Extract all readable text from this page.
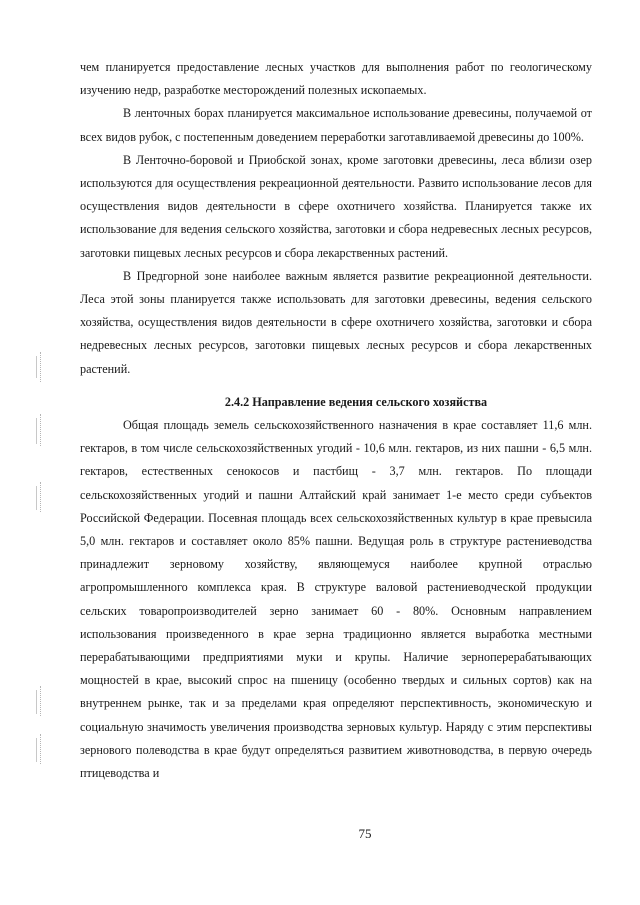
чем планируется предоставление лесных участков для выполнения работ по геологическому изучению недр, разработке месторождений полезных ископаемых.

В ленточных борах планируется максимальное использование древесины, получаемой от всех видов рубок, с постепенным доведением переработки заготавливаемой древесины до 100%.

В Ленточно-боровой и Приобской зонах, кроме заготовки древесины, леса вблизи озер используются для осуществления рекреационной деятельности. Развито использование лесов для осуществления видов деятельности в сфере охотничего хозяйства. Планируется также их использование для ведения сельского хозяйства, заготовки и сбора недревесных лесных ресурсов, заготовки пищевых лесных ресурсов и сбора лекарственных растений.

В Предгорной зоне наиболее важным является развитие рекреационной деятельности. Леса этой зоны планируется также использовать для заготовки древесины, ведения сельского хозяйства, осуществления видов деятельности в сфере охотничего хозяйства, заготовки и сбора недревесных лесных ресурсов, заготовки пищевых лесных ресурсов и сбора лекарственных растений.

2.4.2 Направление ведения сельского хозяйства

Общая площадь земель сельскохозяйственного назначения в крае составляет 11,6 млн. гектаров, в том числе сельскохозяйственных угодий - 10,6 млн. гектаров, из них пашни - 6,5 млн. гектаров, естественных сенокосов и пастбищ - 3,7 млн. гектаров. По площади сельскохозяйственных угодий и пашни Алтайский край занимает 1-е место среди субъектов Российской Федерации. Посевная площадь всех сельскохозяйственных культур в крае превысила 5,0 млн. гектаров и составляет около 85% пашни. Ведущая роль в структуре растениеводства принадлежит зерновому хозяйству, являющемуся наиболее крупной отраслью агропромышленного комплекса края. В структуре валовой растениеводческой продукции сельских товаропроизводителей зерно занимает 60 - 80%. Основным направлением использования произведенного в крае зерна традиционно является выработка местными перерабатывающими предприятиями муки и крупы. Наличие зерноперерабатывающих мощностей в крае, высокий спрос на пшеницу (особенно твердых и сильных сортов) как на внутреннем рынке, так и за пределами края определяют перспективность, экономическую и социальную значимость увеличения производства зерновых культур. Наряду с этим перспективы зернового полеводства в крае будут определяться развитием животноводства, в первую очередь птицеводства и

75
